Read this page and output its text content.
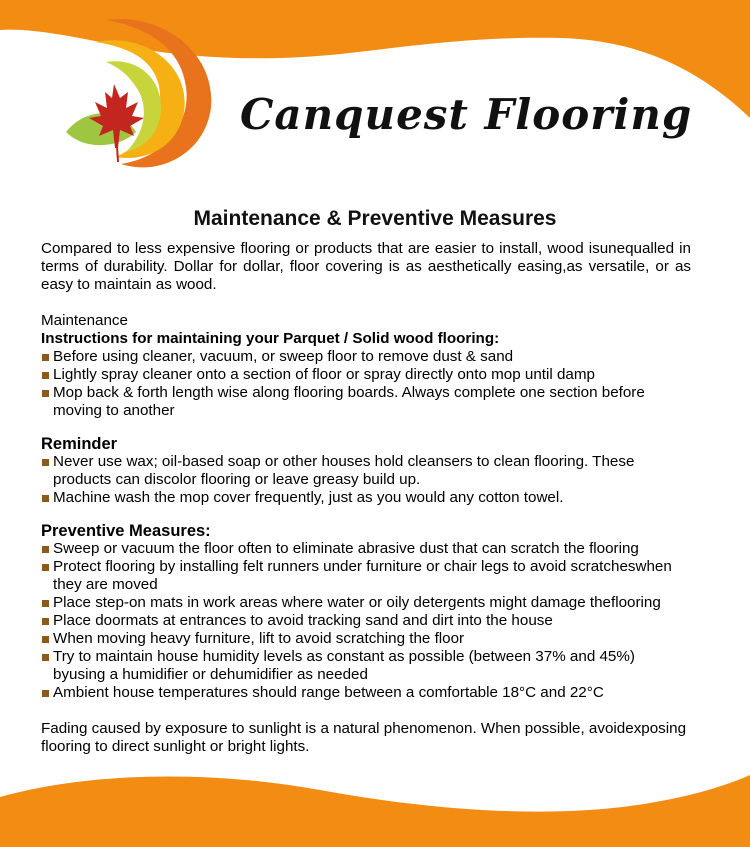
Canquest Flooring
Maintenance & Preventive Measures

Compared to less expensive flooring or products that are easier to install, wood isunequalled in terms of durability. Dollar for dollar, floor covering is as aesthetically easing,as versatile, or as easy to maintain as wood.

Maintenance

Instructions for maintaining your Parquet / Solid wood flooring:

Before using cleaner, vacuum, or sweep floor to remove dust & sand
Lightly spray cleaner onto a section of floor or spray directly onto mop until damp
Mop back & forth length wise along flooring boards. Always complete one section before moving to another

Reminder

Never use wax; oil-based soap or other houses hold cleansers to clean flooring. These products can discolor flooring or leave greasy build up.
Machine wash the mop cover frequently, just as you would any cotton towel.

Preventive Measures:

Sweep or vacuum the floor often to eliminate abrasive dust that can scratch the flooring
Protect flooring by installing felt runners under furniture or chair legs to avoid scratcheswhen they are moved
Place step-on mats in work areas where water or oily detergents might damage theflooring
Place doormats at entrances to avoid tracking sand and dirt into the house
When moving heavy furniture, lift to avoid scratching the floor
Try to maintain house humidity levels as constant as possible (between 37% and 45%) byusing a humidifier or dehumidifier as needed
Ambient house temperatures should range between a comfortable 18°C and 22°C

Fading caused by exposure to sunlight is a natural phenomenon. When possible, avoidexposing flooring to direct sunlight or bright lights.
